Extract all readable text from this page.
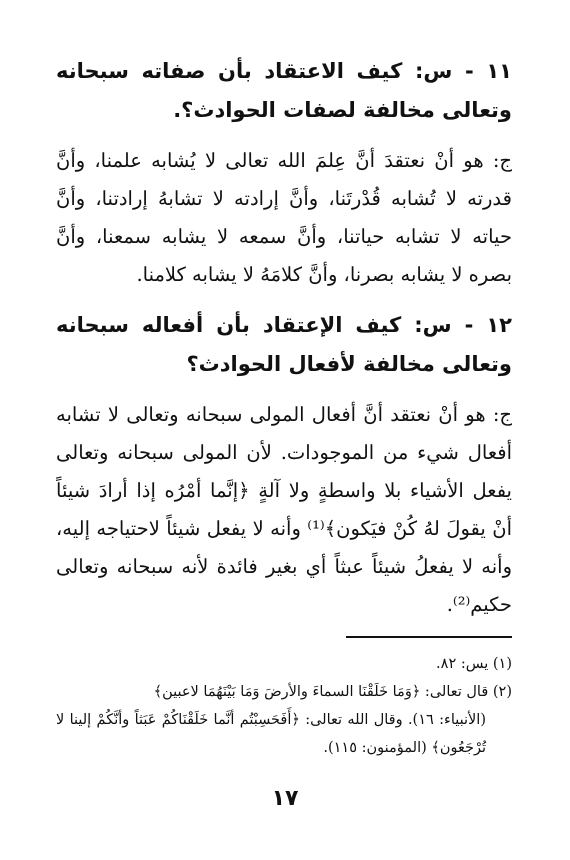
١١ - س: كيف الاعتقاد بأن صفاته سبحانه وتعالى مخالفة لصفات الحوادث؟.

ج: هو أنْ نعتقدَ أنَّ عِلمَ الله تعالى لا يُشابه علمنا، وأنَّ قدرته لا تُشابه قُدْرتَنا، وأنَّ إرادته لا تشابهُ إرادتنا، وأنَّ حياته لا تشابه حياتنا، وأنَّ سمعه لا يشابه سمعنا، وأنَّ بصره لا يشابه بصرنا، وأنَّ كلامَهُ لا يشابه كلامنا.

١٢ - س: كيف الإعتقاد بأن أفعاله سبحانه وتعالى مخالفة لأفعال الحوادث؟

ج: هو أنْ نعتقد أنَّ أفعال المولى سبحانه وتعالى لا تشابه أفعال شيء من الموجودات. لأن المولى سبحانه وتعالى يفعل الأشياء بلا واسطةٍ ولا آلةٍ ﴿إنَّما أمْرُه إذا أرادَ شيئاً أنْ يقولَ لهُ كُنْ فيَكون﴾⁽¹⁾ وأنه لا يفعل شيئاً لاحتياجه إليه، وأنه لا يفعلُ شيئاً عبثاً أي بغير فائدة لأنه سبحانه وتعالى حكيم⁽²⁾.

(١) يس: ٨٢.

(٢) قال تعالى: ﴿وَمَا خَلَقْنَا السماءَ والأرضَ وَمَا بَيْنَهُمَا لاعبين﴾

(الأنبياء: ١٦). وقال الله تعالى: ﴿أَفَحَسِبْتُم أنَّما خَلَقْنَاكُمْ عَبَثاً وأنَّكُمْ إلينا لا تُرْجَعُون﴾ (المؤمنون: ١١٥).

١٧
